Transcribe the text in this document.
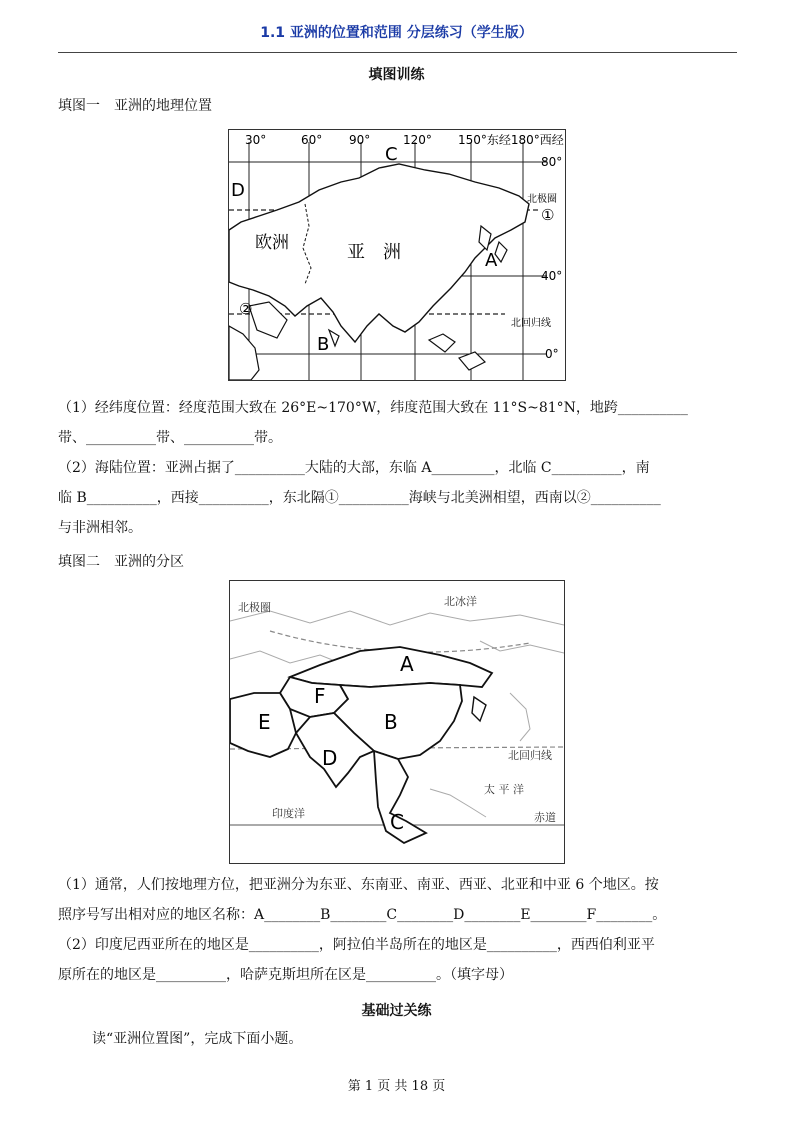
1.1 亚洲的位置和范围 分层练习（学生版）
填图训练
填图一　亚洲的地理位置
30°	60° 90°	120° 150°东经180°西经
80°
40°
0°
北极圈
北回归线
欧洲	亚　洲	A
B
C
D
①
②
（1）经纬度位置：经度范围大致在 26°E~170°W，纬度范围大致在 11°S~81°N，地跨__________
带、__________带、__________带。
（2）海陆位置：亚洲占据了__________大陆的大部，东临 A_________，北临 C__________，南
临 B__________，西接__________，东北隔①__________海峡与北美洲相望，西南以②__________
与非洲相邻。
填图二　亚洲的分区
北极圈	北冰洋
北回归线
太 平 洋
印度洋	赤道
A
B
C
D
E
F
（1）通常，人们按地理方位，把亚洲分为东亚、东南亚、南亚、西亚、北亚和中亚 6 个地区。按
照序号写出相对应的地区名称：A________B________C________D________E________F________。
（2）印度尼西亚所在的地区是__________，阿拉伯半岛所在的地区是__________，西西伯利亚平
原所在的地区是__________，哈萨克斯坦所在区是__________。（填字母）
基础过关练
读“亚洲位置图”，完成下面小题。
第 1 页 共 18 页
